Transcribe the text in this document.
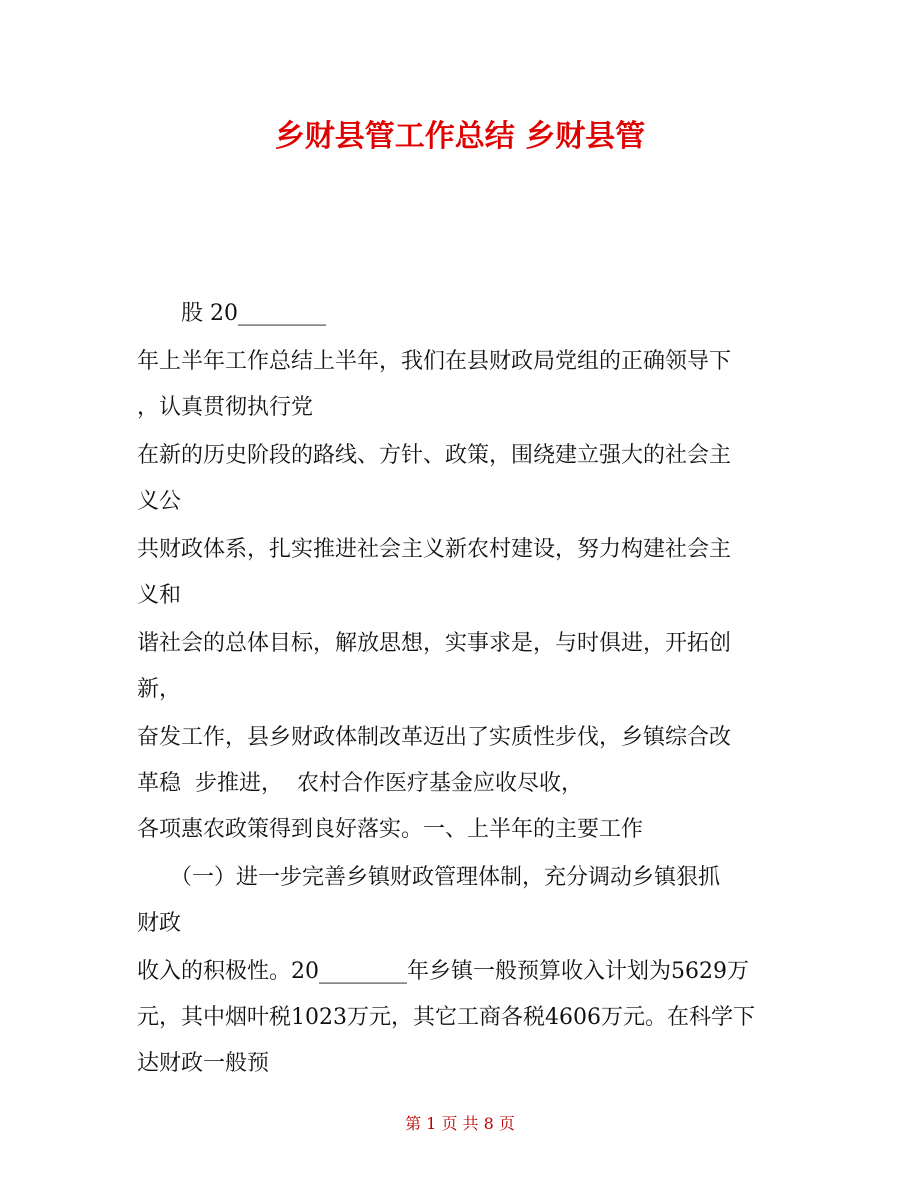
乡财县管工作总结 乡财县管

　　股 20________

年上半年工作总结上半年，我们在县财政局党组的正确领导下

，认真贯彻执行党

在新的历史阶段的路线、方针、政策，围绕建立强大的社会主

义公

共财政体系，扎实推进社会主义新农村建设，努力构建社会主

义和

谐社会的总体目标，解放思想，实事求是，与时俱进，开拓创

新，

奋发工作，县乡财政体制改革迈出了实质性步伐，乡镇综合改

革稳  步推进，  农村合作医疗基金应收尽收，

各项惠农政策得到良好落实。一、上半年的主要工作

　　（一）进一步完善乡镇财政管理体制，充分调动乡镇狠抓

财政

收入的积极性。20________年乡镇一般预算收入计划为5629万

元，其中烟叶税1023万元，其它工商各税4606万元。在科学下

达财政一般预

第 1 页 共 8 页
